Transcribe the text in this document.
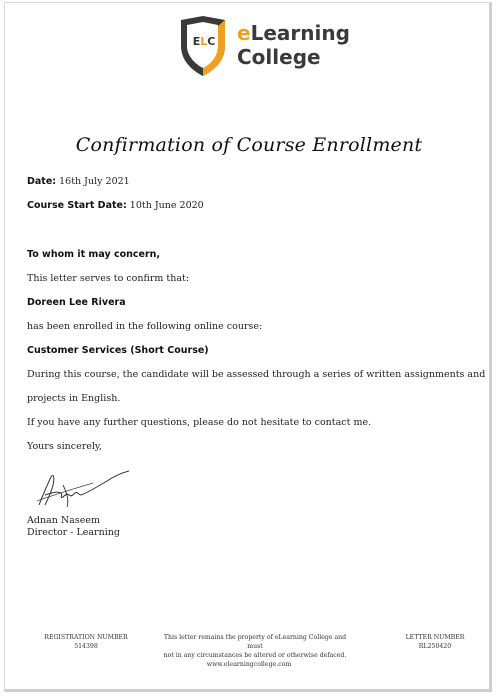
ELC eLearning
College
Confirmation of Course Enrollment
Date: 16th July 2021
Course Start Date: 10th June 2020
To whom it may concern,
This letter serves to confirm that:
Doreen Lee Rivera
has been enrolled in the following online course:
Customer Services (Short Course)
During this course, the candidate will be assessed through a series of written assignments and
projects in English.
If you have any further questions, please do not hesitate to contact me.
Yours sincerely,
Adnan Naseem
Director - Learning
REGISTRATION NUMBER
514398
This letter remains the property of eLearning College and must
not in any circumstances be altered or otherwise defaced.
LETTER NUMBER
RL250420
www.elearningcollege.com
